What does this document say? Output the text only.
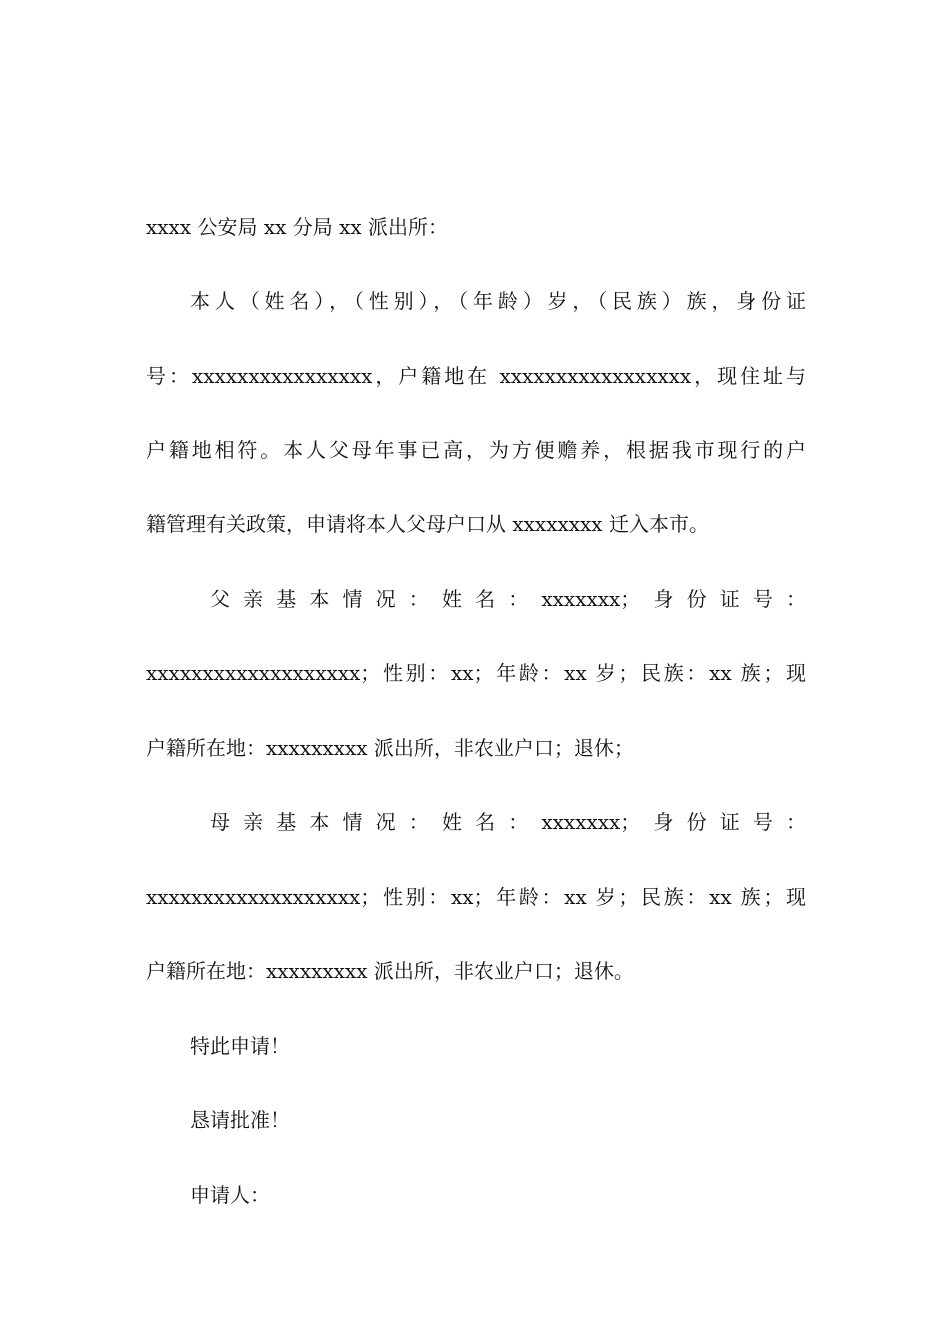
xxxx 公安局 xx 分局 xx 派出所：
本人（姓名），（性别），（年龄）岁，（民族）族，身份证
号：xxxxxxxxxxxxxxxx，户籍地在 xxxxxxxxxxxxxxxxx，现住址与
户籍地相符。本人父母年事已高，为方便赡养，根据我市现行的户
籍管理有关政策，申请将本人父母户口从 xxxxxxxx 迁入本市。
父亲基本情况：姓名：xxxxxxx；身份证号：
xxxxxxxxxxxxxxxxxxx；性别：xx；年龄：xx 岁；民族：xx 族；现
户籍所在地：xxxxxxxxx 派出所，非农业户口；退休；
母亲基本情况：姓名：xxxxxxx；身份证号：
xxxxxxxxxxxxxxxxxxx；性别：xx；年龄：xx 岁；民族：xx 族；现
户籍所在地：xxxxxxxxx 派出所，非农业户口；退休。
特此申请！
恳请批准！
申请人：
